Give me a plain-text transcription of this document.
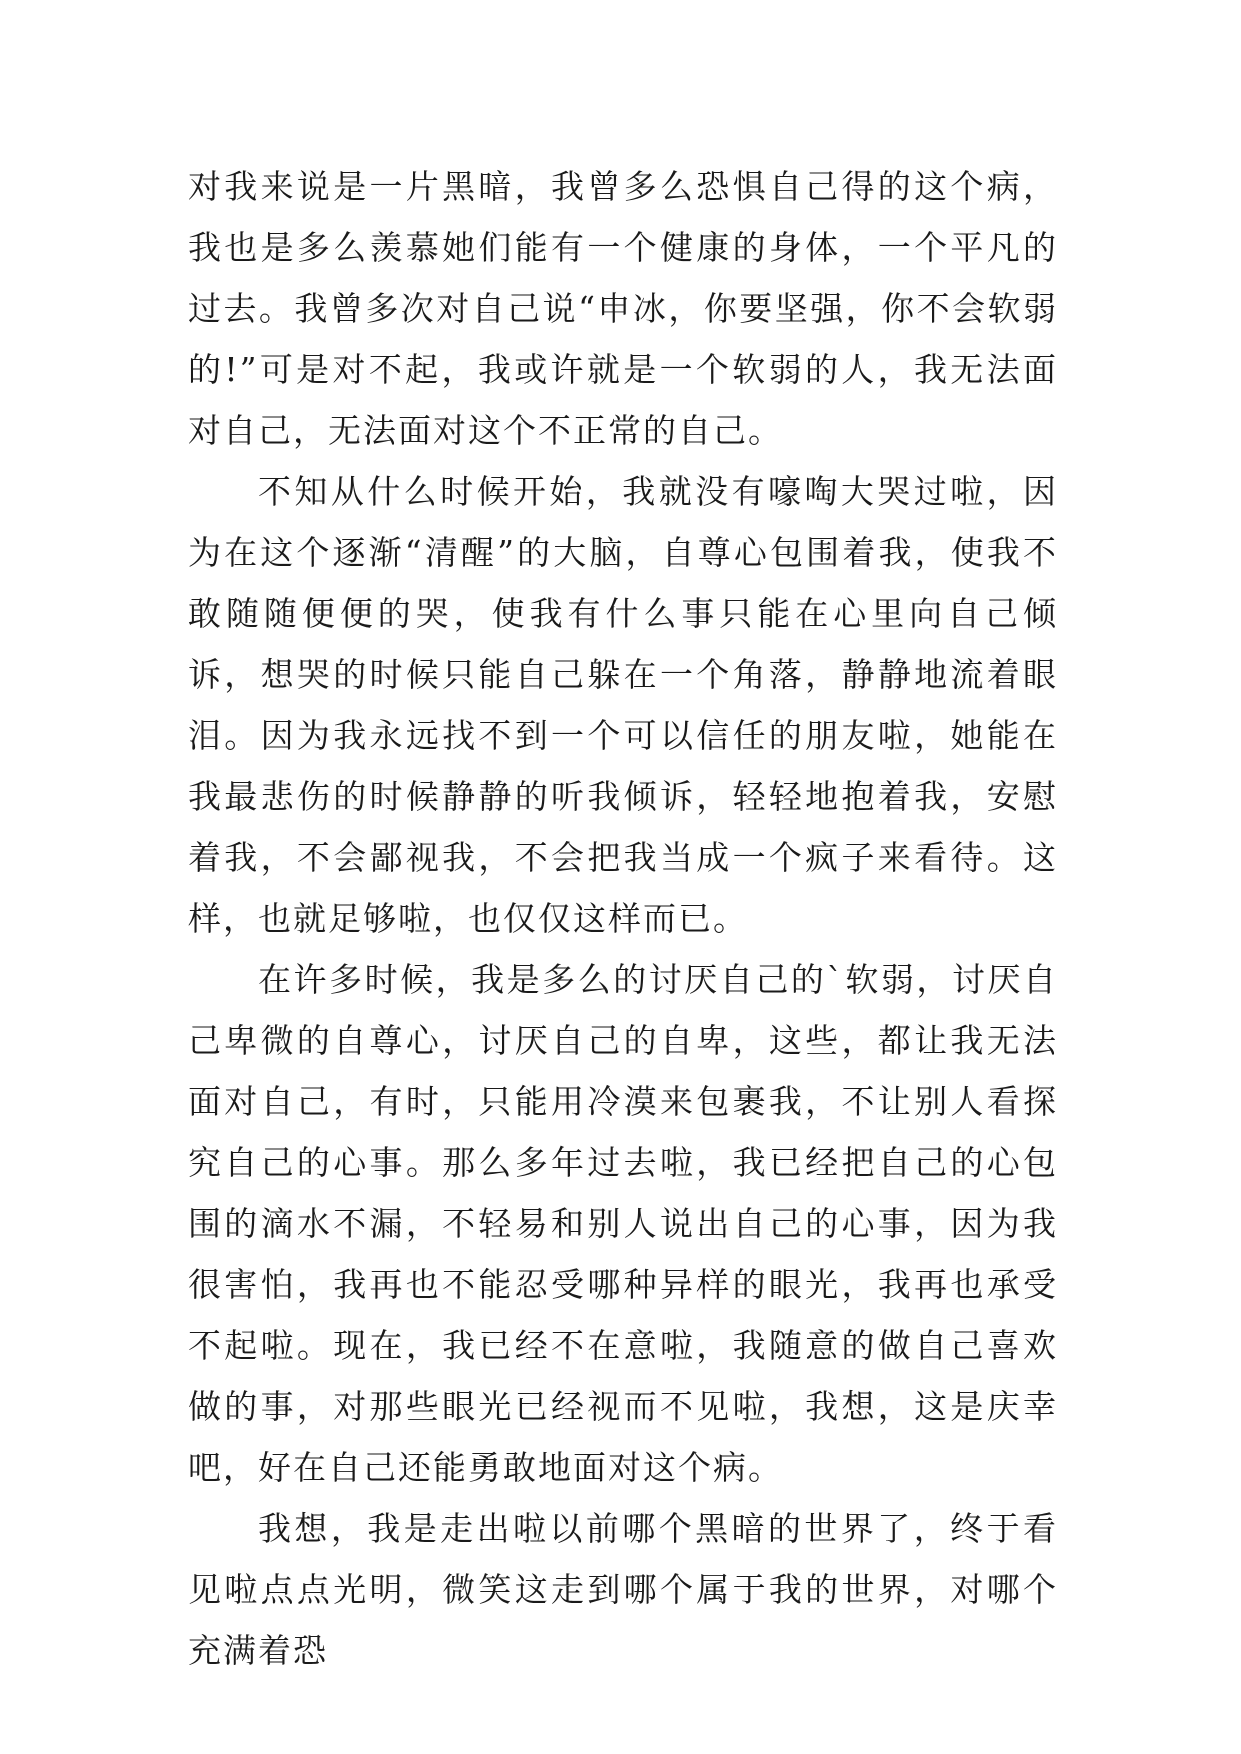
对我来说是一片黑暗，我曾多么恐惧自己得的这个病，我也是多么羡慕她们能有一个健康的身体，一个平凡的过去。我曾多次对自己说“申冰，你要坚强，你不会软弱的!”可是对不起，我或许就是一个软弱的人，我无法面对自己，无法面对这个不正常的自己。

不知从什么时候开始，我就没有嚎啕大哭过啦，因为在这个逐渐“清醒”的大脑，自尊心包围着我，使我不敢随随便便的哭，使我有什么事只能在心里向自己倾诉，想哭的时候只能自己躲在一个角落，静静地流着眼泪。因为我永远找不到一个可以信任的朋友啦，她能在我最悲伤的时候静静的听我倾诉，轻轻地抱着我，安慰着我，不会鄙视我，不会把我当成一个疯子来看待。这样，也就足够啦，也仅仅这样而已。

在许多时候，我是多么的讨厌自己的`软弱，讨厌自己卑微的自尊心，讨厌自己的自卑，这些，都让我无法面对自己，有时，只能用冷漠来包裹我，不让别人看探究自己的心事。那么多年过去啦，我已经把自己的心包围的滴水不漏，不轻易和别人说出自己的心事，因为我很害怕，我再也不能忍受哪种异样的眼光，我再也承受不起啦。现在，我已经不在意啦，我随意的做自己喜欢做的事，对那些眼光已经视而不见啦，我想，这是庆幸吧，好在自己还能勇敢地面对这个病。

我想，我是走出啦以前哪个黑暗的世界了，终于看见啦点点光明，微笑这走到哪个属于我的世界，对哪个充满着恐
